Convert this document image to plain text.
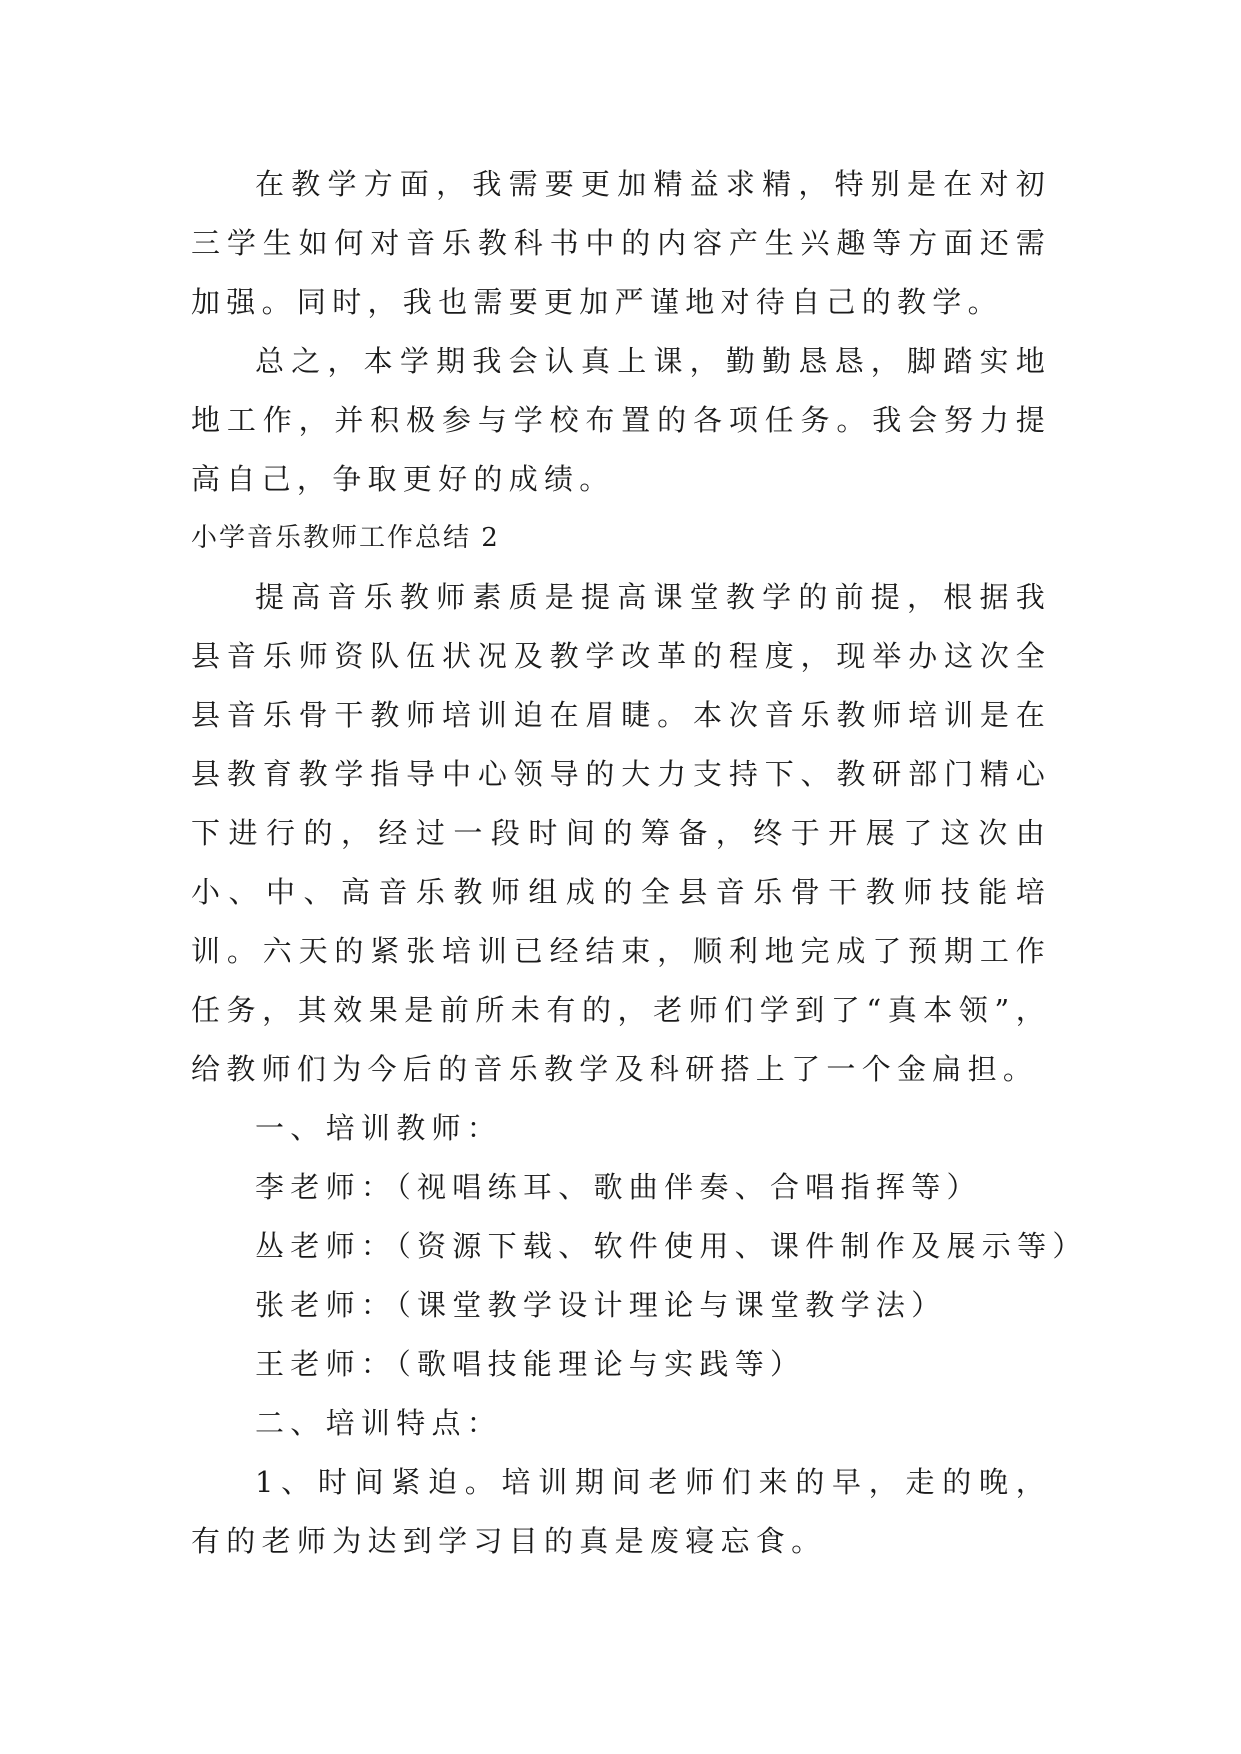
在教学方面，我需要更加精益求精，特别是在对初三学生如何对音乐教科书中的内容产生兴趣等方面还需加强。同时，我也需要更加严谨地对待自己的教学。

总之，本学期我会认真上课，勤勤恳恳，脚踏实地地工作，并积极参与学校布置的各项任务。我会努力提高自己，争取更好的成绩。

小学音乐教师工作总结 2

提高音乐教师素质是提高课堂教学的前提，根据我县音乐师资队伍状况及教学改革的程度，现举办这次全县音乐骨干教师培训迫在眉睫。本次音乐教师培训是在县教育教学指导中心领导的大力支持下、教研部门精心下进行的，经过一段时间的筹备，终于开展了这次由小、中、高音乐教师组成的全县音乐骨干教师技能培训。六天的紧张培训已经结束，顺利地完成了预期工作任务，其效果是前所未有的，老师们学到了“真本领”，给教师们为今后的音乐教学及科研搭上了一个金扁担。

一、培训教师：

李老师：（视唱练耳、歌曲伴奏、合唱指挥等）

丛老师：（资源下载、软件使用、课件制作及展示等）

张老师：（课堂教学设计理论与课堂教学法）

王老师：（歌唱技能理论与实践等）

二、培训特点：

1、时间紧迫。培训期间老师们来的早，走的晚，有的老师为达到学习目的真是废寝忘食。
